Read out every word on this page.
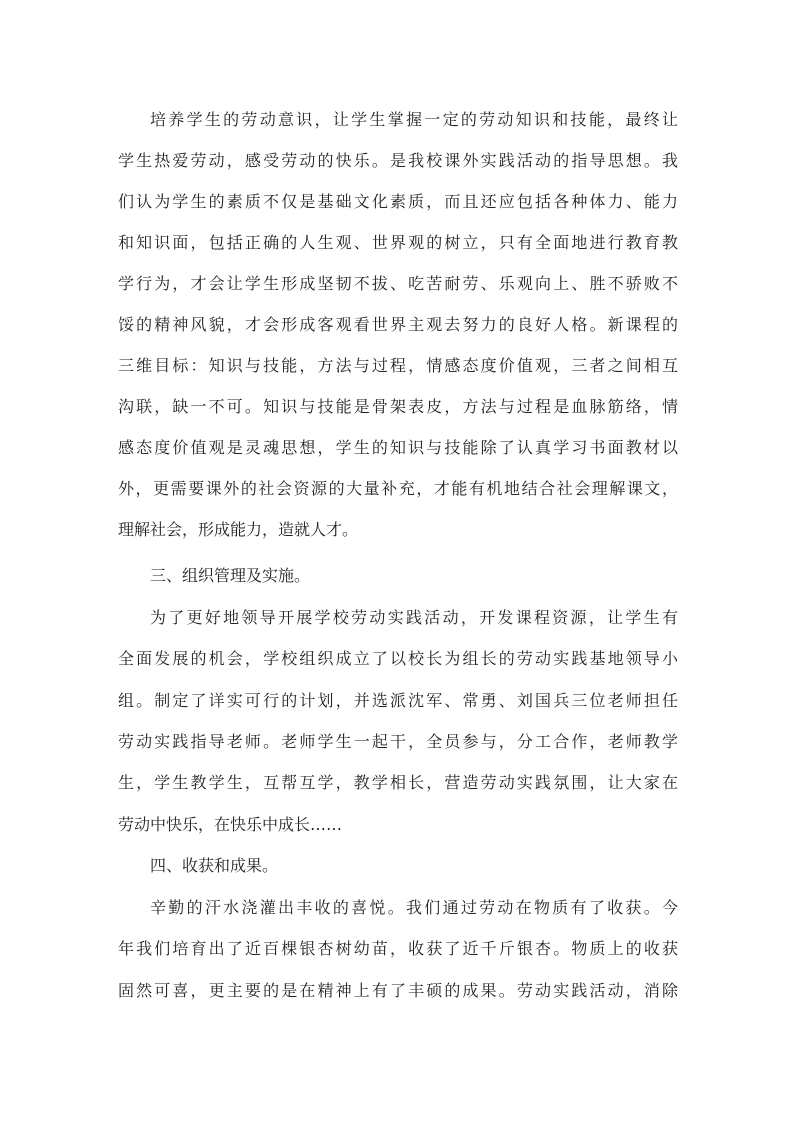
培养学生的劳动意识，让学生掌握一定的劳动知识和技能，最终让
学生热爱劳动，感受劳动的快乐。是我校课外实践活动的指导思想。我
们认为学生的素质不仅是基础文化素质，而且还应包括各种体力、能力
和知识面，包括正确的人生观、世界观的树立，只有全面地进行教育教
学行为，才会让学生形成坚韧不拔、吃苦耐劳、乐观向上、胜不骄败不
馁的精神风貌，才会形成客观看世界主观去努力的良好人格。新课程的
三维目标：知识与技能，方法与过程，情感态度价值观，三者之间相互
沟联，缺一不可。知识与技能是骨架表皮，方法与过程是血脉筋络，情
感态度价值观是灵魂思想，学生的知识与技能除了认真学习书面教材以
外，更需要课外的社会资源的大量补充，才能有机地结合社会理解课文，
理解社会，形成能力，造就人才。
三、组织管理及实施。
为了更好地领导开展学校劳动实践活动，开发课程资源，让学生有
全面发展的机会，学校组织成立了以校长为组长的劳动实践基地领导小
组。制定了详实可行的计划，并选派沈军、常勇、刘国兵三位老师担任
劳动实践指导老师。老师学生一起干，全员参与，分工合作，老师教学
生，学生教学生，互帮互学，教学相长，营造劳动实践氛围，让大家在
劳动中快乐，在快乐中成长……
四、收获和成果。
辛勤的汗水浇灌出丰收的喜悦。我们通过劳动在物质有了收获。今
年我们培育出了近百棵银杏树幼苗，收获了近千斤银杏。物质上的收获
固然可喜，更主要的是在精神上有了丰硕的成果。劳动实践活动，消除
